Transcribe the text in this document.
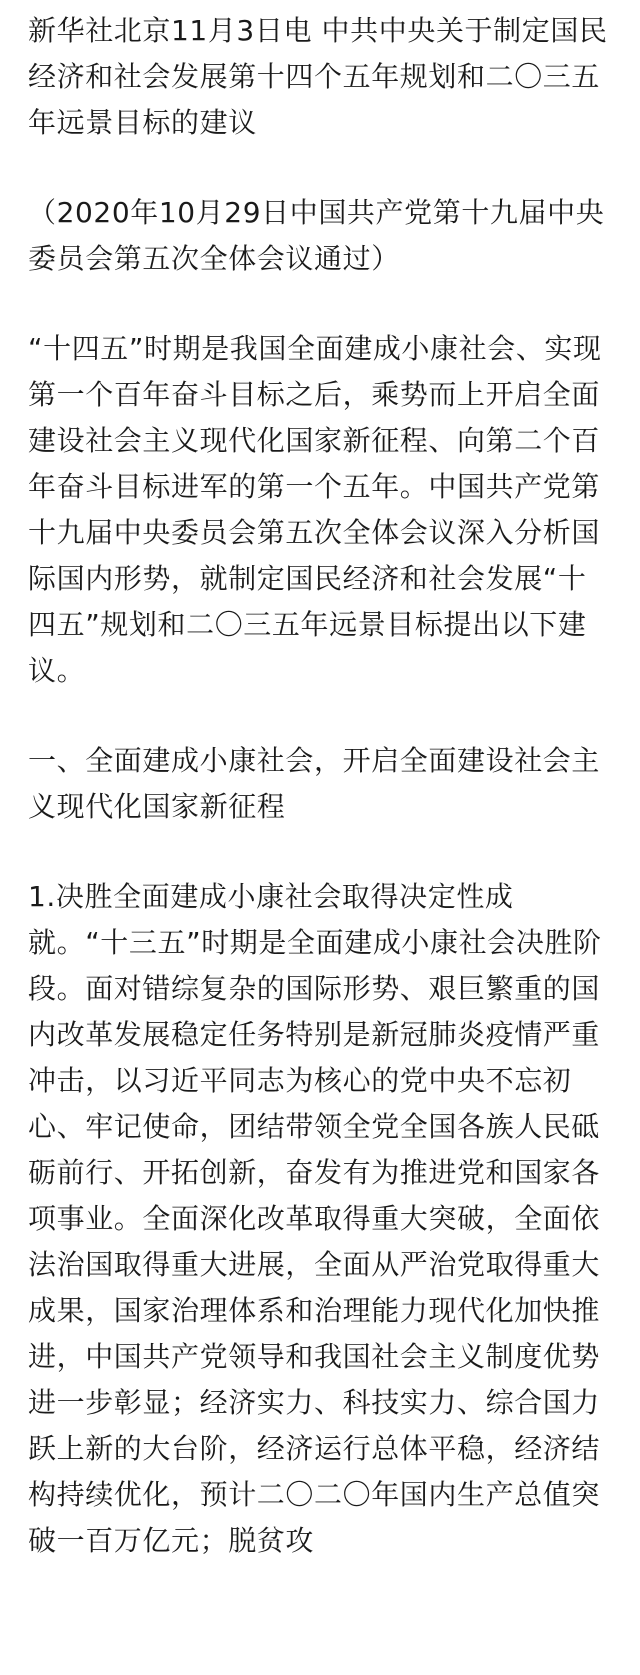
新华社北京11月3日电 中共中央关于制定国民经济和社会发展第十四个五年规划和二〇三五年远景目标的建议

（2020年10月29日中国共产党第十九届中央委员会第五次全体会议通过）

“十四五”时期是我国全面建成小康社会、实现第一个百年奋斗目标之后，乘势而上开启全面建设社会主义现代化国家新征程、向第二个百年奋斗目标进军的第一个五年。中国共产党第十九届中央委员会第五次全体会议深入分析国际国内形势，就制定国民经济和社会发展“十四五”规划和二〇三五年远景目标提出以下建议。

一、全面建成小康社会，开启全面建设社会主义现代化国家新征程

1.决胜全面建成小康社会取得决定性成就。“十三五”时期是全面建成小康社会决胜阶段。面对错综复杂的国际形势、艰巨繁重的国内改革发展稳定任务特别是新冠肺炎疫情严重冲击，以习近平同志为核心的党中央不忘初心、牢记使命，团结带领全党全国各族人民砥砺前行、开拓创新，奋发有为推进党和国家各项事业。全面深化改革取得重大突破，全面依法治国取得重大进展，全面从严治党取得重大成果，国家治理体系和治理能力现代化加快推进，中国共产党领导和我国社会主义制度优势进一步彰显；经济实力、科技实力、综合国力跃上新的大台阶，经济运行总体平稳，经济结构持续优化，预计二〇二〇年国内生产总值突破一百万亿元；脱贫攻
